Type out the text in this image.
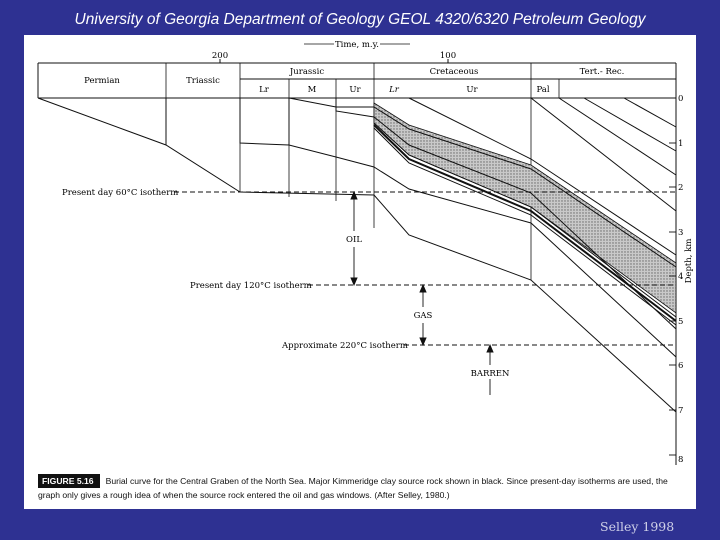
University of Georgia Department of Geology GEOL 4320/6320 Petroleum Geology
200	100
Time, m.y.
Permian	Triassic
Jurassic	Cretaceous	Tert.- Rec.
Lr	M	Ur	Lr	Ur	Pal
Present day 60°C isotherm
Present day 120°C isotherm
Approximate 220°C isotherm
OIL
GAS
BARREN
0
1
2
3
4
5
6
7
8
Depth, km
FIGURE 5.16 Burial curve for the Central Graben of the North Sea. Major Kimmeridge clay source rock shown in black. Since present-day isotherms are used, the graph only gives a rough idea of when the source rock entered the oil and gas windows. (After Selley, 1980.)
Selley 1998
